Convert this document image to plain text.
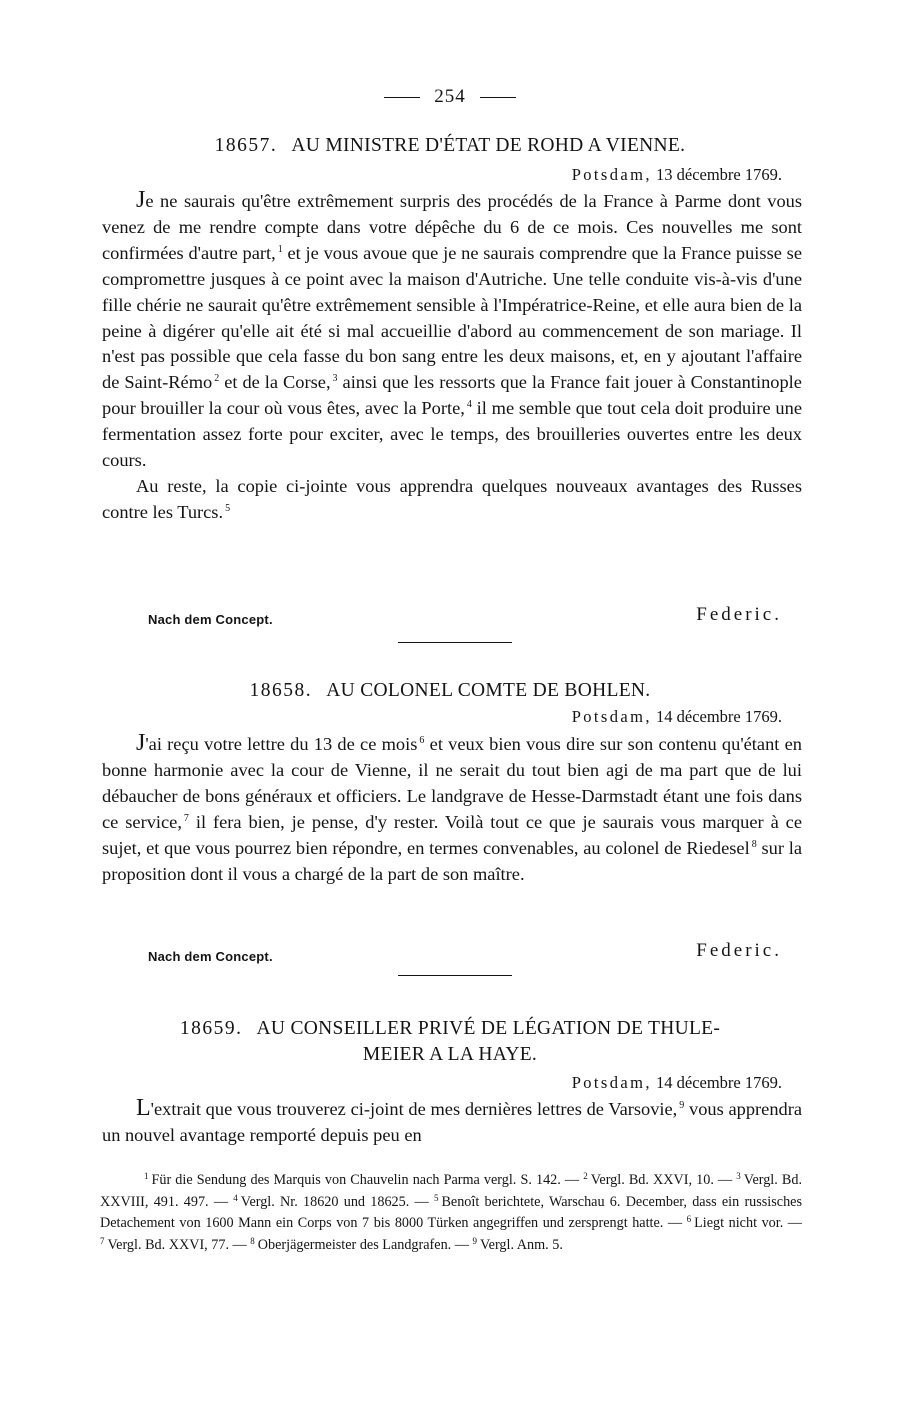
254
18657. AU MINISTRE D'ÉTAT DE ROHD A VIENNE.
Potsdam, 13 décembre 1769.

Je ne saurais qu'être extrêmement surpris des procédés de la France à Parme dont vous venez de me rendre compte dans votre dépêche du 6 de ce mois. Ces nouvelles me sont confirmées d'autre part, $^1$ et je vous avoue que je ne saurais comprendre que la France puisse se compromettre jusques à ce point avec la maison d'Autriche. Une telle conduite vis-à-vis d'une fille chérie ne saurait qu'être extrêmement sensible à l'Impératrice-Reine, et elle aura bien de la peine à digérer qu'elle ait été si mal accueillie d'abord au commencement de son mariage. Il n'est pas possible que cela fasse du bon sang entre les deux maisons, et, en y ajoutant l'affaire de Saint-Rémo $^2$ et de la Corse, $^3$ ainsi que les ressorts que la France fait jouer à Constantinople pour brouiller la cour où vous êtes, avec la Porte, $^4$ il me semble que tout cela doit produire une fermentation assez forte pour exciter, avec le temps, des brouilleries ouvertes entre les deux cours.

Au reste, la copie ci-jointe vous apprendra quelques nouveaux avantages des Russes contre les Turcs. $^5$

Nach dem Concept.	Federic.
18658. AU COLONEL COMTE DE BOHLEN.
Potsdam, 14 décembre 1769.

J'ai reçu votre lettre du 13 de ce mois $^6$ et veux bien vous dire sur son contenu qu'étant en bonne harmonie avec la cour de Vienne, il ne serait du tout bien agi de ma part que de lui débaucher de bons généraux et officiers. Le landgrave de Hesse-Darmstadt étant une fois dans ce service, $^7$ il fera bien, je pense, d'y rester. Voilà tout ce que je saurais vous marquer à ce sujet, et que vous pourrez bien répondre, en termes convenables, au colonel de Riedesel $^8$ sur la proposition dont il vous a chargé de la part de son maître.

Nach dem Concept.	Federic.
18659. AU CONSEILLER PRIVÉ DE LÉGATION DE THULE-
MEIER A LA HAYE.
Potsdam, 14 décembre 1769.

L'extrait que vous trouverez ci-joint de mes dernières lettres de Varsovie, $^9$ vous apprendra un nouvel avantage remporté depuis peu en

$^1$ Für die Sendung des Marquis von Chauvelin nach Parma vergl. S. 142. — $^2$ Vergl. Bd. XXVI, 10. — $^3$ Vergl. Bd. XXVIII, 491. 497. — $^4$ Vergl. Nr. 18620 und 18625. — $^5$ Benoît berichtete, Warschau 6. December, dass ein russisches Detachement von 1600 Mann ein Corps von 7 bis 8000 Türken angegriffen und zersprengt hatte. — $^6$ Liegt nicht vor. — $^7$ Vergl. Bd. XXVI, 77. — $^8$ Oberjägermeister des Landgrafen. — $^9$ Vergl. Anm. 5.
